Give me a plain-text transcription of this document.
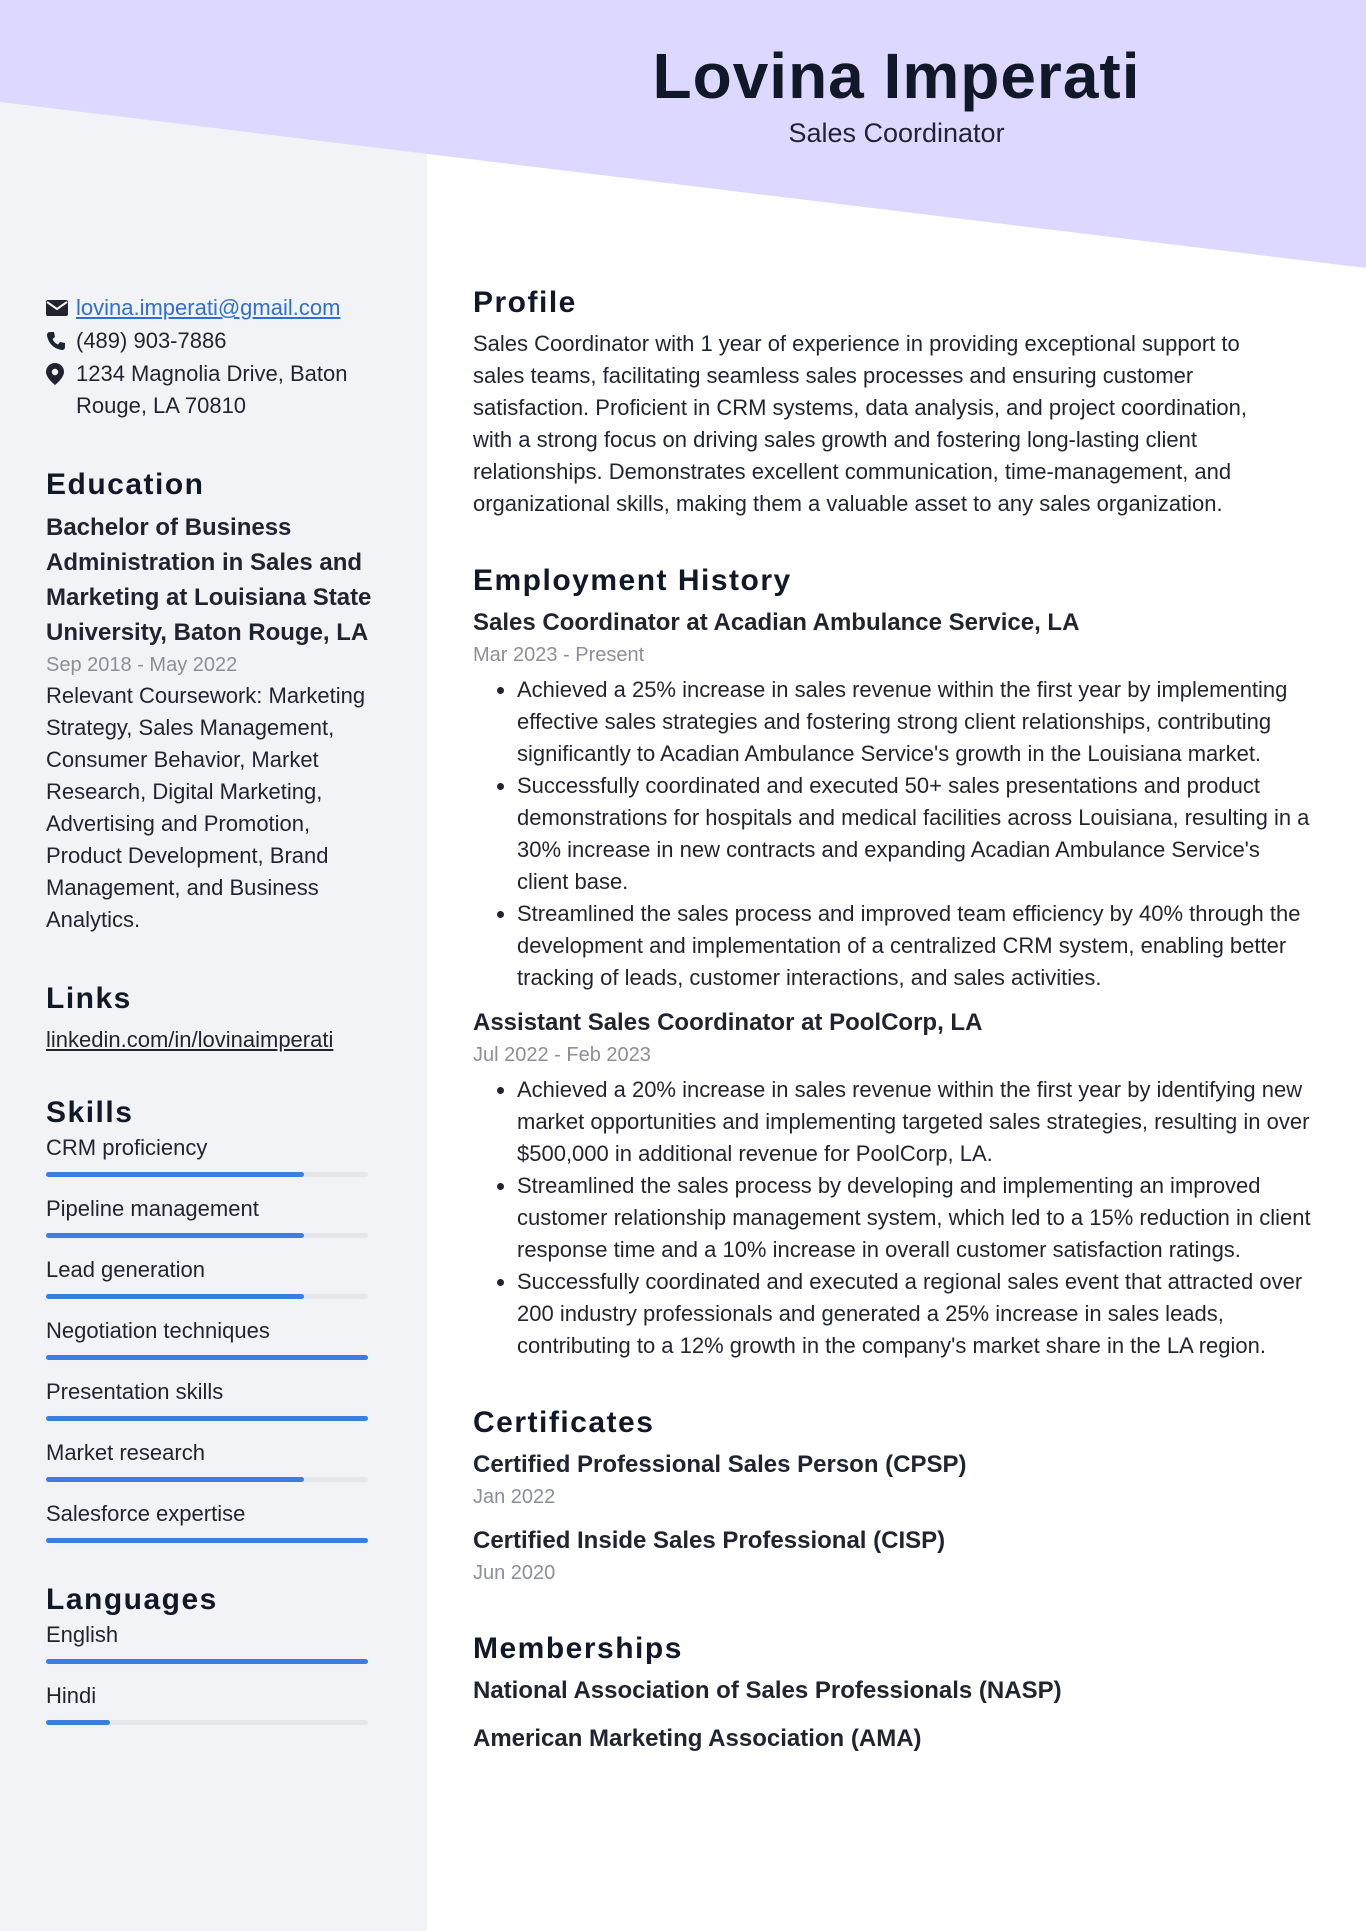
Lovina Imperati
Sales Coordinator
lovina.imperati@gmail.com
(489) 903-7886
1234 Magnolia Drive, Baton Rouge, LA 70810
Education
Bachelor of Business Administration in Sales and Marketing at Louisiana State University, Baton Rouge, LA
Sep 2018 - May 2022
Relevant Coursework: Marketing Strategy, Sales Management, Consumer Behavior, Market Research, Digital Marketing, Advertising and Promotion, Product Development, Brand Management, and Business Analytics.
Links
linkedin.com/in/lovinaimperati
Skills
CRM proficiency
Pipeline management
Lead generation
Negotiation techniques
Presentation skills
Market research
Salesforce expertise
Languages
English
Hindi
Profile
Sales Coordinator with 1 year of experience in providing exceptional support to sales teams, facilitating seamless sales processes and ensuring customer satisfaction. Proficient in CRM systems, data analysis, and project coordination, with a strong focus on driving sales growth and fostering long-lasting client relationships. Demonstrates excellent communication, time-management, and organizational skills, making them a valuable asset to any sales organization.
Employment History
Sales Coordinator at Acadian Ambulance Service, LA
Mar 2023 - Present
• Achieved a 25% increase in sales revenue within the first year by implementing effective sales strategies and fostering strong client relationships, contributing significantly to Acadian Ambulance Service's growth in the Louisiana market.
• Successfully coordinated and executed 50+ sales presentations and product demonstrations for hospitals and medical facilities across Louisiana, resulting in a 30% increase in new contracts and expanding Acadian Ambulance Service's client base.
• Streamlined the sales process and improved team efficiency by 40% through the development and implementation of a centralized CRM system, enabling better tracking of leads, customer interactions, and sales activities.
Assistant Sales Coordinator at PoolCorp, LA
Jul 2022 - Feb 2023
• Achieved a 20% increase in sales revenue within the first year by identifying new market opportunities and implementing targeted sales strategies, resulting in over $500,000 in additional revenue for PoolCorp, LA.
• Streamlined the sales process by developing and implementing an improved customer relationship management system, which led to a 15% reduction in client response time and a 10% increase in overall customer satisfaction ratings.
• Successfully coordinated and executed a regional sales event that attracted over 200 industry professionals and generated a 25% increase in sales leads, contributing to a 12% growth in the company's market share in the LA region.
Certificates
Certified Professional Sales Person (CPSP)
Jan 2022
Certified Inside Sales Professional (CISP)
Jun 2020
Memberships
National Association of Sales Professionals (NASP)
American Marketing Association (AMA)
